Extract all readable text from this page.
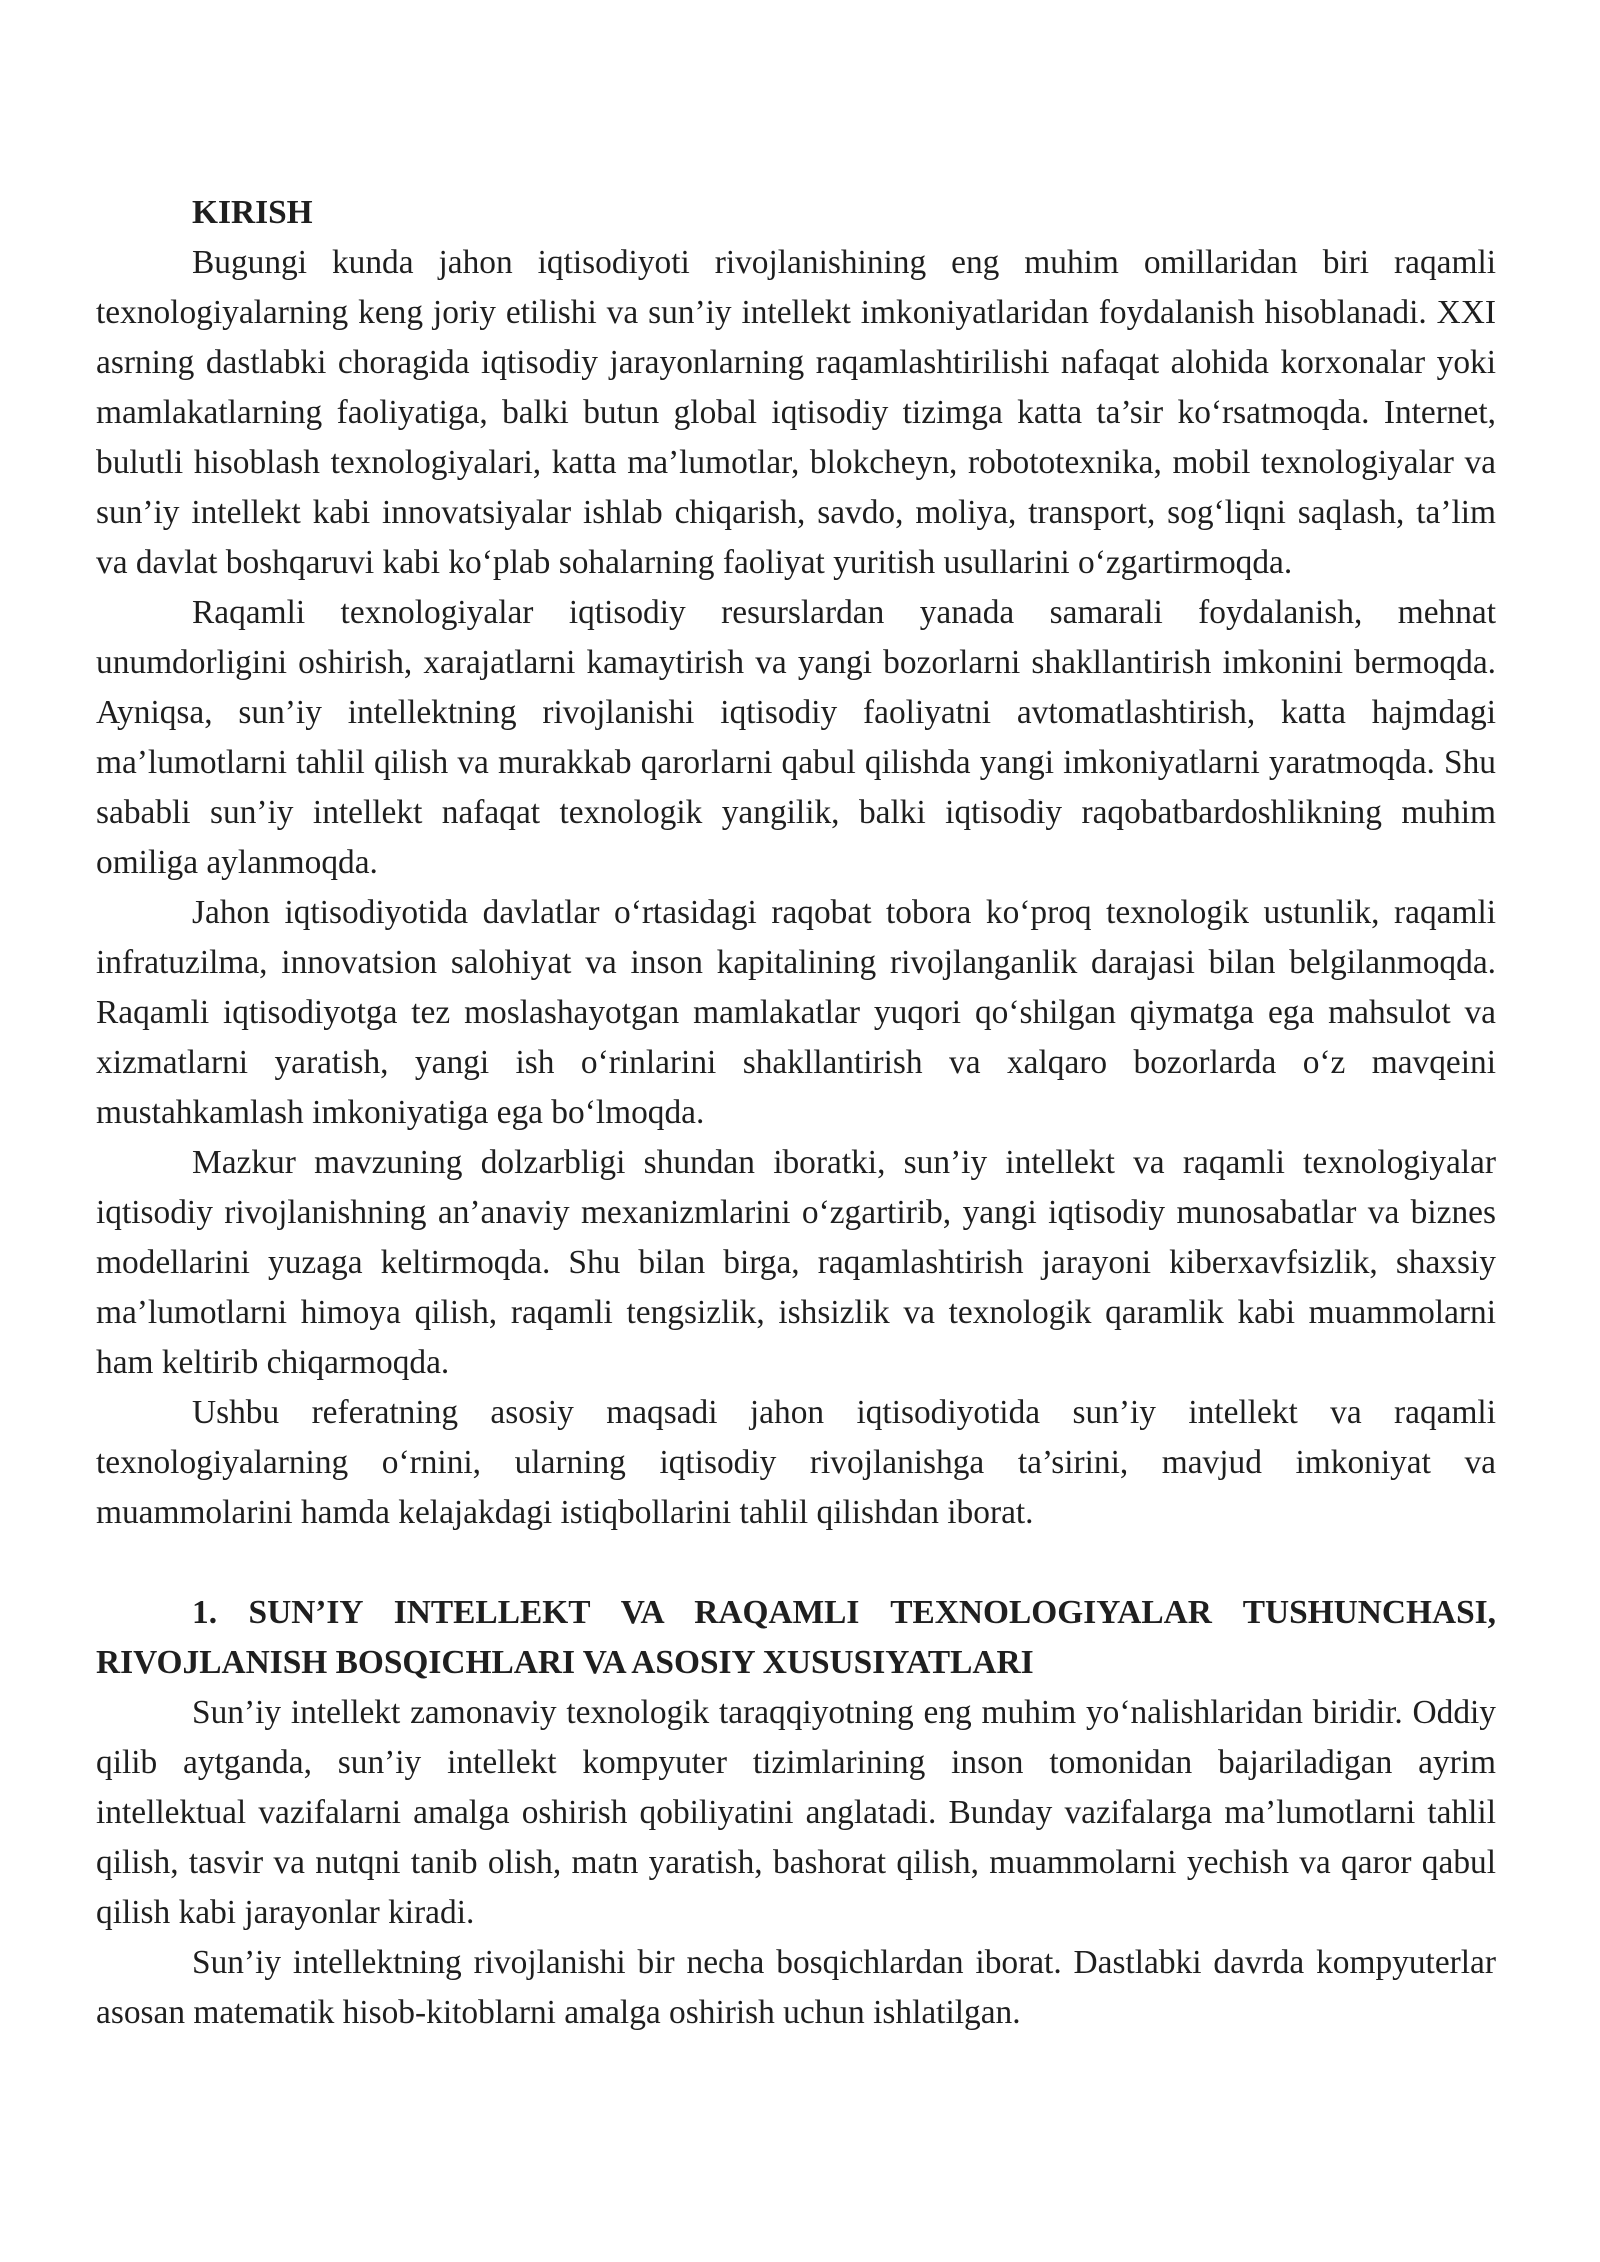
KIRISH

Bugungi kunda jahon iqtisodiyoti rivojlanishining eng muhim omillaridan biri raqamli texnologiyalarning keng joriy etilishi va sun’iy intellekt imkoniyatlaridan foydalanish hisoblanadi. XXI asrning dastlabki choragida iqtisodiy jarayonlarning raqamlashtirilishi nafaqat alohida korxonalar yoki mamlakatlarning faoliyatiga, balki butun global iqtisodiy tizimga katta ta’sir ko‘rsatmoqda. Internet, bulutli hisoblash texnologiyalari, katta ma’lumotlar, blokcheyn, robototexnika, mobil texnologiyalar va sun’iy intellekt kabi innovatsiyalar ishlab chiqarish, savdo, moliya, transport, sog‘liqni saqlash, ta’lim va davlat boshqaruvi kabi ko‘plab sohalarning faoliyat yuritish usullarini o‘zgartirmoqda.

Raqamli texnologiyalar iqtisodiy resurslardan yanada samarali foydalanish, mehnat unumdorligini oshirish, xarajatlarni kamaytirish va yangi bozorlarni shakllantirish imkonini bermoqda. Ayniqsa, sun’iy intellektning rivojlanishi iqtisodiy faoliyatni avtomatlashtirish, katta hajmdagi ma’lumotlarni tahlil qilish va murakkab qarorlarni qabul qilishda yangi imkoniyatlarni yaratmoqda. Shu sababli sun’iy intellekt nafaqat texnologik yangilik, balki iqtisodiy raqobatbardoshlikning muhim omiliga aylanmoqda.

Jahon iqtisodiyotida davlatlar o‘rtasidagi raqobat tobora ko‘proq texnologik ustunlik, raqamli infratuzilma, innovatsion salohiyat va inson kapitalining rivojlanganlik darajasi bilan belgilanmoqda. Raqamli iqtisodiyotga tez moslashayotgan mamlakatlar yuqori qo‘shilgan qiymatga ega mahsulot va xizmatlarni yaratish, yangi ish o‘rinlarini shakllantirish va xalqaro bozorlarda o‘z mavqeini mustahkamlash imkoniyatiga ega bo‘lmoqda.

Mazkur mavzuning dolzarbligi shundan iboratki, sun’iy intellekt va raqamli texnologiyalar iqtisodiy rivojlanishning an’anaviy mexanizmlarini o‘zgartirib, yangi iqtisodiy munosabatlar va biznes modellarini yuzaga keltirmoqda. Shu bilan birga, raqamlashtirish jarayoni kiberxavfsizlik, shaxsiy ma’lumotlarni himoya qilish, raqamli tengsizlik, ishsizlik va texnologik qaramlik kabi muammolarni ham keltirib chiqarmoqda.

Ushbu referatning asosiy maqsadi jahon iqtisodiyotida sun’iy intellekt va raqamli texnologiyalarning o‘rnini, ularning iqtisodiy rivojlanishga ta’sirini, mavjud imkoniyat va muammolarini hamda kelajakdagi istiqbollarini tahlil qilishdan iborat.

1. SUN’IY INTELLEKT VA RAQAMLI TEXNOLOGIYALAR TUSHUNCHASI, RIVOJLANISH BOSQICHLARI VA ASOSIY XUSUSIYATLARI

Sun’iy intellekt zamonaviy texnologik taraqqiyotning eng muhim yo‘nalishlaridan biridir. Oddiy qilib aytganda, sun’iy intellekt kompyuter tizimlarining inson tomonidan bajariladigan ayrim intellektual vazifalarni amalga oshirish qobiliyatini anglatadi. Bunday vazifalarga ma’lumotlarni tahlil qilish, tasvir va nutqni tanib olish, matn yaratish, bashorat qilish, muammolarni yechish va qaror qabul qilish kabi jarayonlar kiradi.

Sun’iy intellektning rivojlanishi bir necha bosqichlardan iborat. Dastlabki davrda kompyuterlar asosan matematik hisob-kitoblarni amalga oshirish uchun ishlatilgan.
